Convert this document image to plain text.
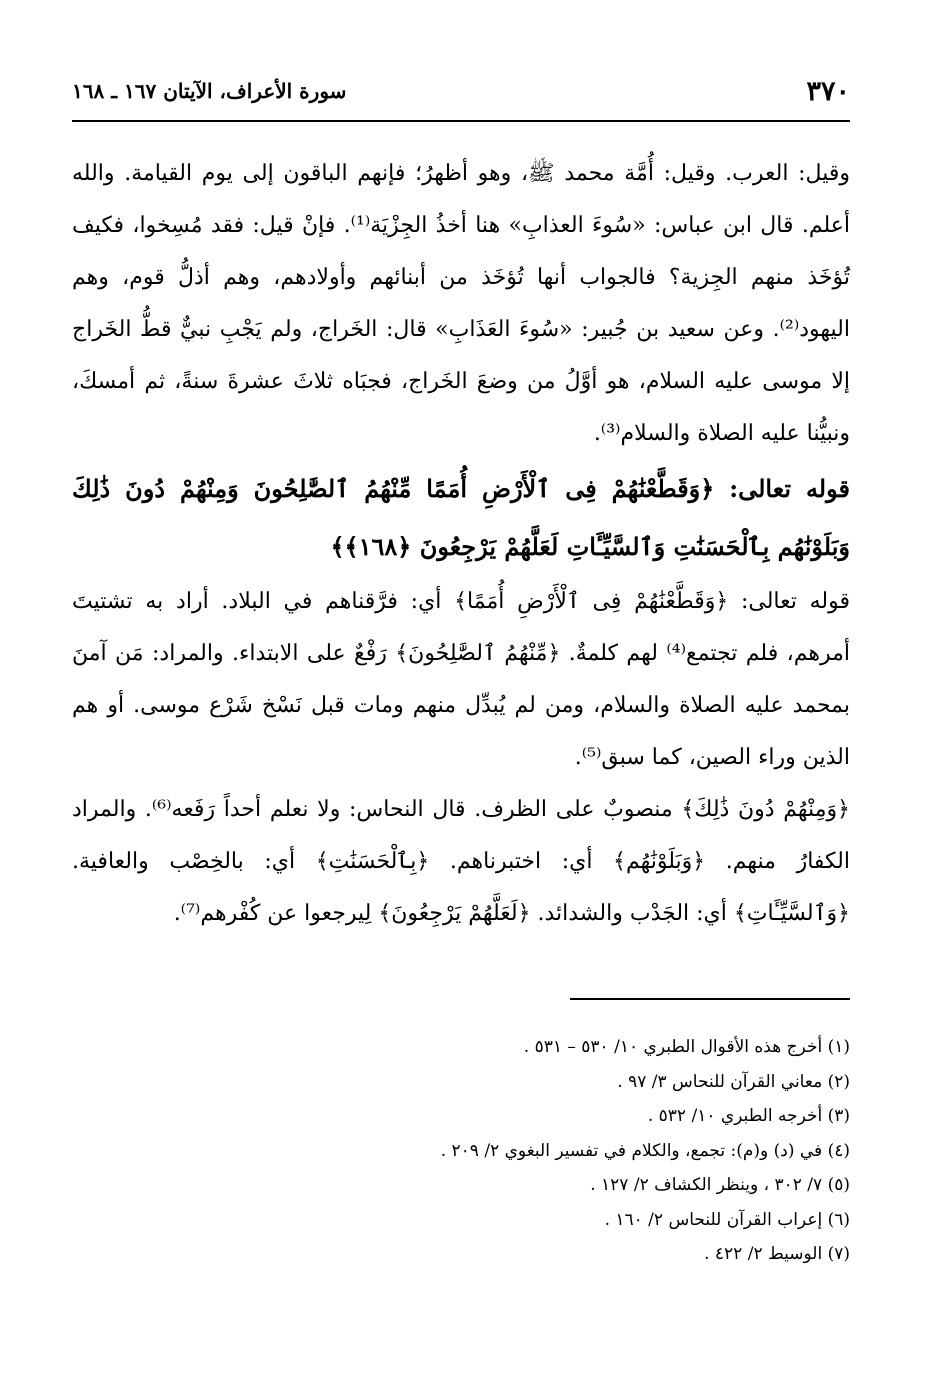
٣٧٠
سورة الأعراف، الآيتان ١٦٧ ـ ١٦٨

وقيل: العرب. وقيل: أُمَّة محمد ﷺ، وهو أظهرُ؛ فإنهم الباقون إلى يوم القيامة. والله أعلم. قال ابن عباس: «سُوءَ العذابِ» هنا أخذُ الجِزْيَة⁽¹⁾. فإنْ قيل: فقد مُسِخوا، فكيف تُؤخَذ منهم الجِزية؟ فالجواب أنها تُؤخَذ من أبنائهم وأولادهم، وهم أذلُّ قوم، وهم اليهود⁽²⁾. وعن سعيد بن جُبير: «سُوءَ العَذَابِ» قال: الخَراج، ولم يَجْبِ نبيٌّ قطُّ الخَراج إلا موسى عليه السلام، هو أوَّلُ من وضعَ الخَراج، فجبَاه ثلاثَ عشرةَ سنةً، ثم أمسكَ، ونبيُّنا عليه الصلاة والسلام⁽³⁾.

قوله تعالى: ﴿وَقَطَّعْنَٰهُمْ فِى ٱلْأَرْضِ أُمَمًا مِّنْهُمُ ٱلصَّٰلِحُونَ وَمِنْهُمْ دُونَ ذَٰلِكَ وَبَلَوْنَٰهُم بِٱلْحَسَنَٰتِ وَٱلسَّيِّـَٔاتِ لَعَلَّهُمْ يَرْجِعُونَ ﴿١٦٨﴾﴾

قوله تعالى: ﴿وَقَطَّعْنَٰهُمْ فِى ٱلْأَرْضِ أُمَمًا﴾ أي: فرَّقناهم في البلاد. أراد به تشتيتَ أمرهم، فلم تجتمع⁽⁴⁾ لهم كلمةٌ. ﴿مِّنْهُمُ ٱلصَّٰلِحُونَ﴾ رَفْعٌ على الابتداء. والمراد: مَن آمنَ بمحمد عليه الصلاة والسلام، ومن لم يُبدِّل منهم ومات قبل نَسْخ شَرْع موسى. أو هم الذين وراء الصين، كما سبق⁽⁵⁾.

﴿وَمِنْهُمْ دُونَ ذَٰلِكَ﴾ منصوبٌ على الظرف. قال النحاس: ولا نعلم أحداً رَفَعه⁽⁶⁾. والمراد الكفارُ منهم. ﴿وَبَلَوْنَٰهُم﴾ أي: اختبرناهم. ﴿بِٱلْحَسَنَٰتِ﴾ أي: بالخِصْب والعافية. ﴿وَٱلسَّيِّـَٔاتِ﴾ أي: الجَدْب والشدائد. ﴿لَعَلَّهُمْ يَرْجِعُونَ﴾ لِيرجعوا عن كُفْرهم⁽⁷⁾.

(١) أخرج هذه الأقوال الطبري ١٠/ ٥٣٠ – ٥٣١ .
(٢) معاني القرآن للنحاس ٣/ ٩٧ .
(٣) أخرجه الطبري ١٠/ ٥٣٢ .
(٤) في (د) و(م): تجمع، والكلام في تفسير البغوي ٢/ ٢٠٩ .
(٥) ٧/ ٣٠٢ ، وينظر الكشاف ٢/ ١٢٧ .
(٦) إعراب القرآن للنحاس ٢/ ١٦٠ .
(٧) الوسيط ٢/ ٤٢٢ .
